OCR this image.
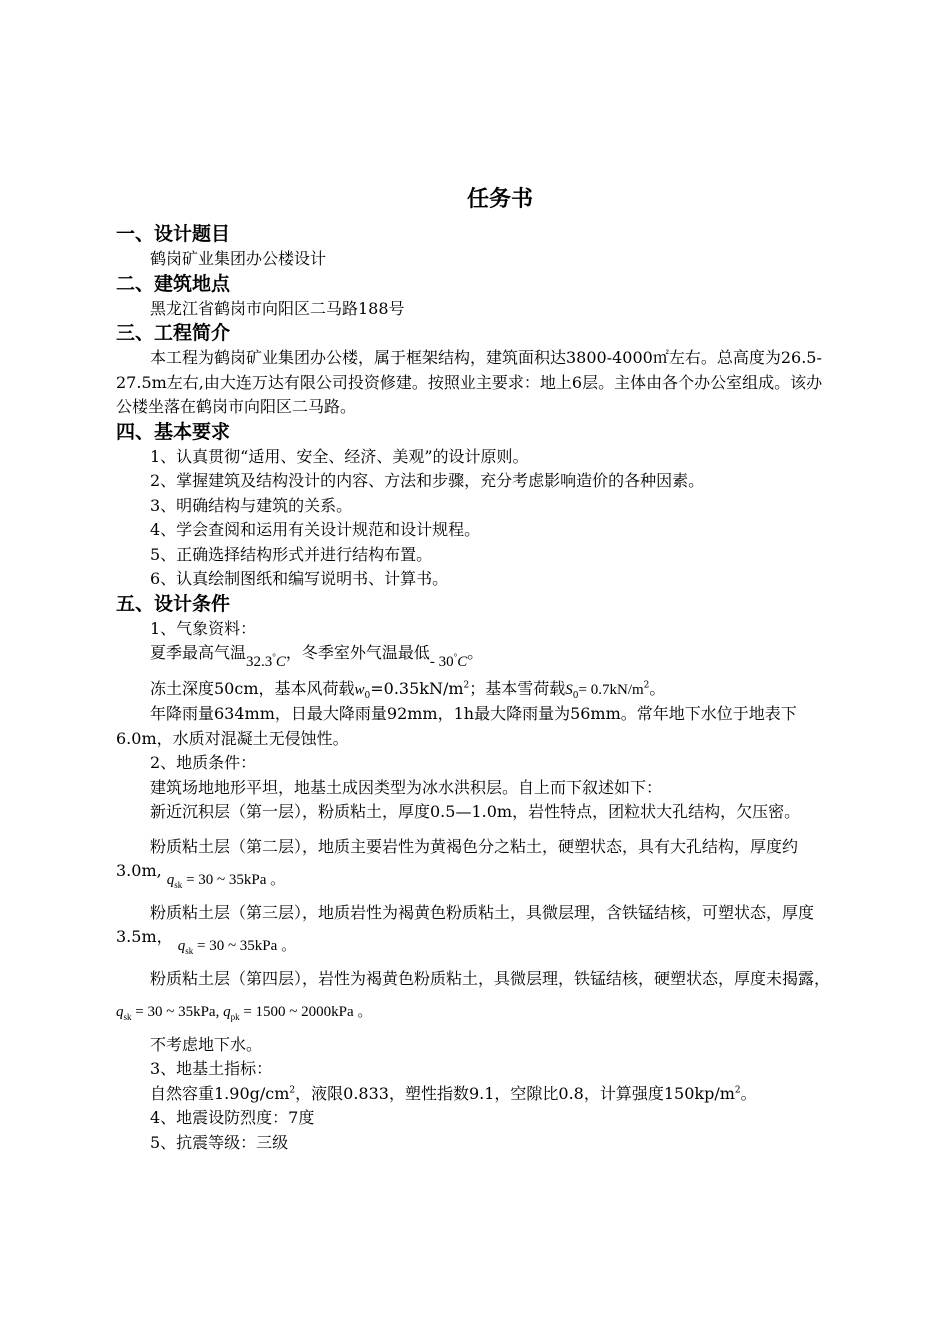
任务书
一、设计题目

鹤岗矿业集团办公楼设计

二、建筑地点

黑龙江省鹤岗市向阳区二马路188号

三、工程简介

本工程为鹤岗矿业集团办公楼，属于框架结构，建筑面积达3800-4000㎡左右。总高度为26.5-27.5m左右,由大连万达有限公司投资修建。按照业主要求：地上6层。主体由各个办公室组成。该办公楼坐落在鹤岗市向阳区二马路。

四、基本要求

1、认真贯彻“适用、安全、经济、美观”的设计原则。

2、掌握建筑及结构没计的内容、方法和步骤，充分考虑影响造价的各种因素。

3、明确结构与建筑的关系。

4、学会查阅和运用有关设计规范和设计规程。

5、正确选择结构形式并进行结构布置。

6、认真绘制图纸和编写说明书、计算书。

五、设计条件

1、气象资料：

夏季最高气温32.3°C，冬季室外气温最低- 30°C。

冻土深度50cm，基本风荷载$w_0=0.35kN/m^2$；基本雪荷载$S_0= 0.7kN/m^2$。

年降雨量634mm，日最大降雨量92mm，1h最大降雨量为56mm。常年地下水位于地表下6.0m，水质对混凝土无侵蚀性。

2、地质条件：

建筑场地地形平坦，地基土成因类型为冰水洪积层。自上而下叙述如下：

新近沉积层（第一层），粉质粘土，厚度0.5—1.0m，岩性特点，团粒状大孔结构，欠压密。

粉质粘土层（第二层），地质主要岩性为黄褐色分之粘土，硬塑状态，具有大孔结构，厚度约3.0m, $q_{sk} = 30$ ~ 35kPa 。

粉质粘土层（第三层），地质岩性为褐黄色粉质粘土，具微层理，含铁锰结核，可塑状态，厚度3.5m， $q_{sk} = 30$ ~ 35kPa 。

粉质粘土层（第四层），岩性为褐黄色粉质粘土，具微层理，铁锰结核，硬塑状态，厚度未揭露， $q_{sk} = 30$ ~ 35kPa, $q_{pk} = 1500$ ~ 2000kPa 。

不考虑地下水。

3、地基土指标：

自然容重$1.90g/cm^2$，液限0.833，塑性指数9.1，空隙比0.8，计算强度$150kp/m^2$。

4、地震设防烈度：7度

5、抗震等级：三级
